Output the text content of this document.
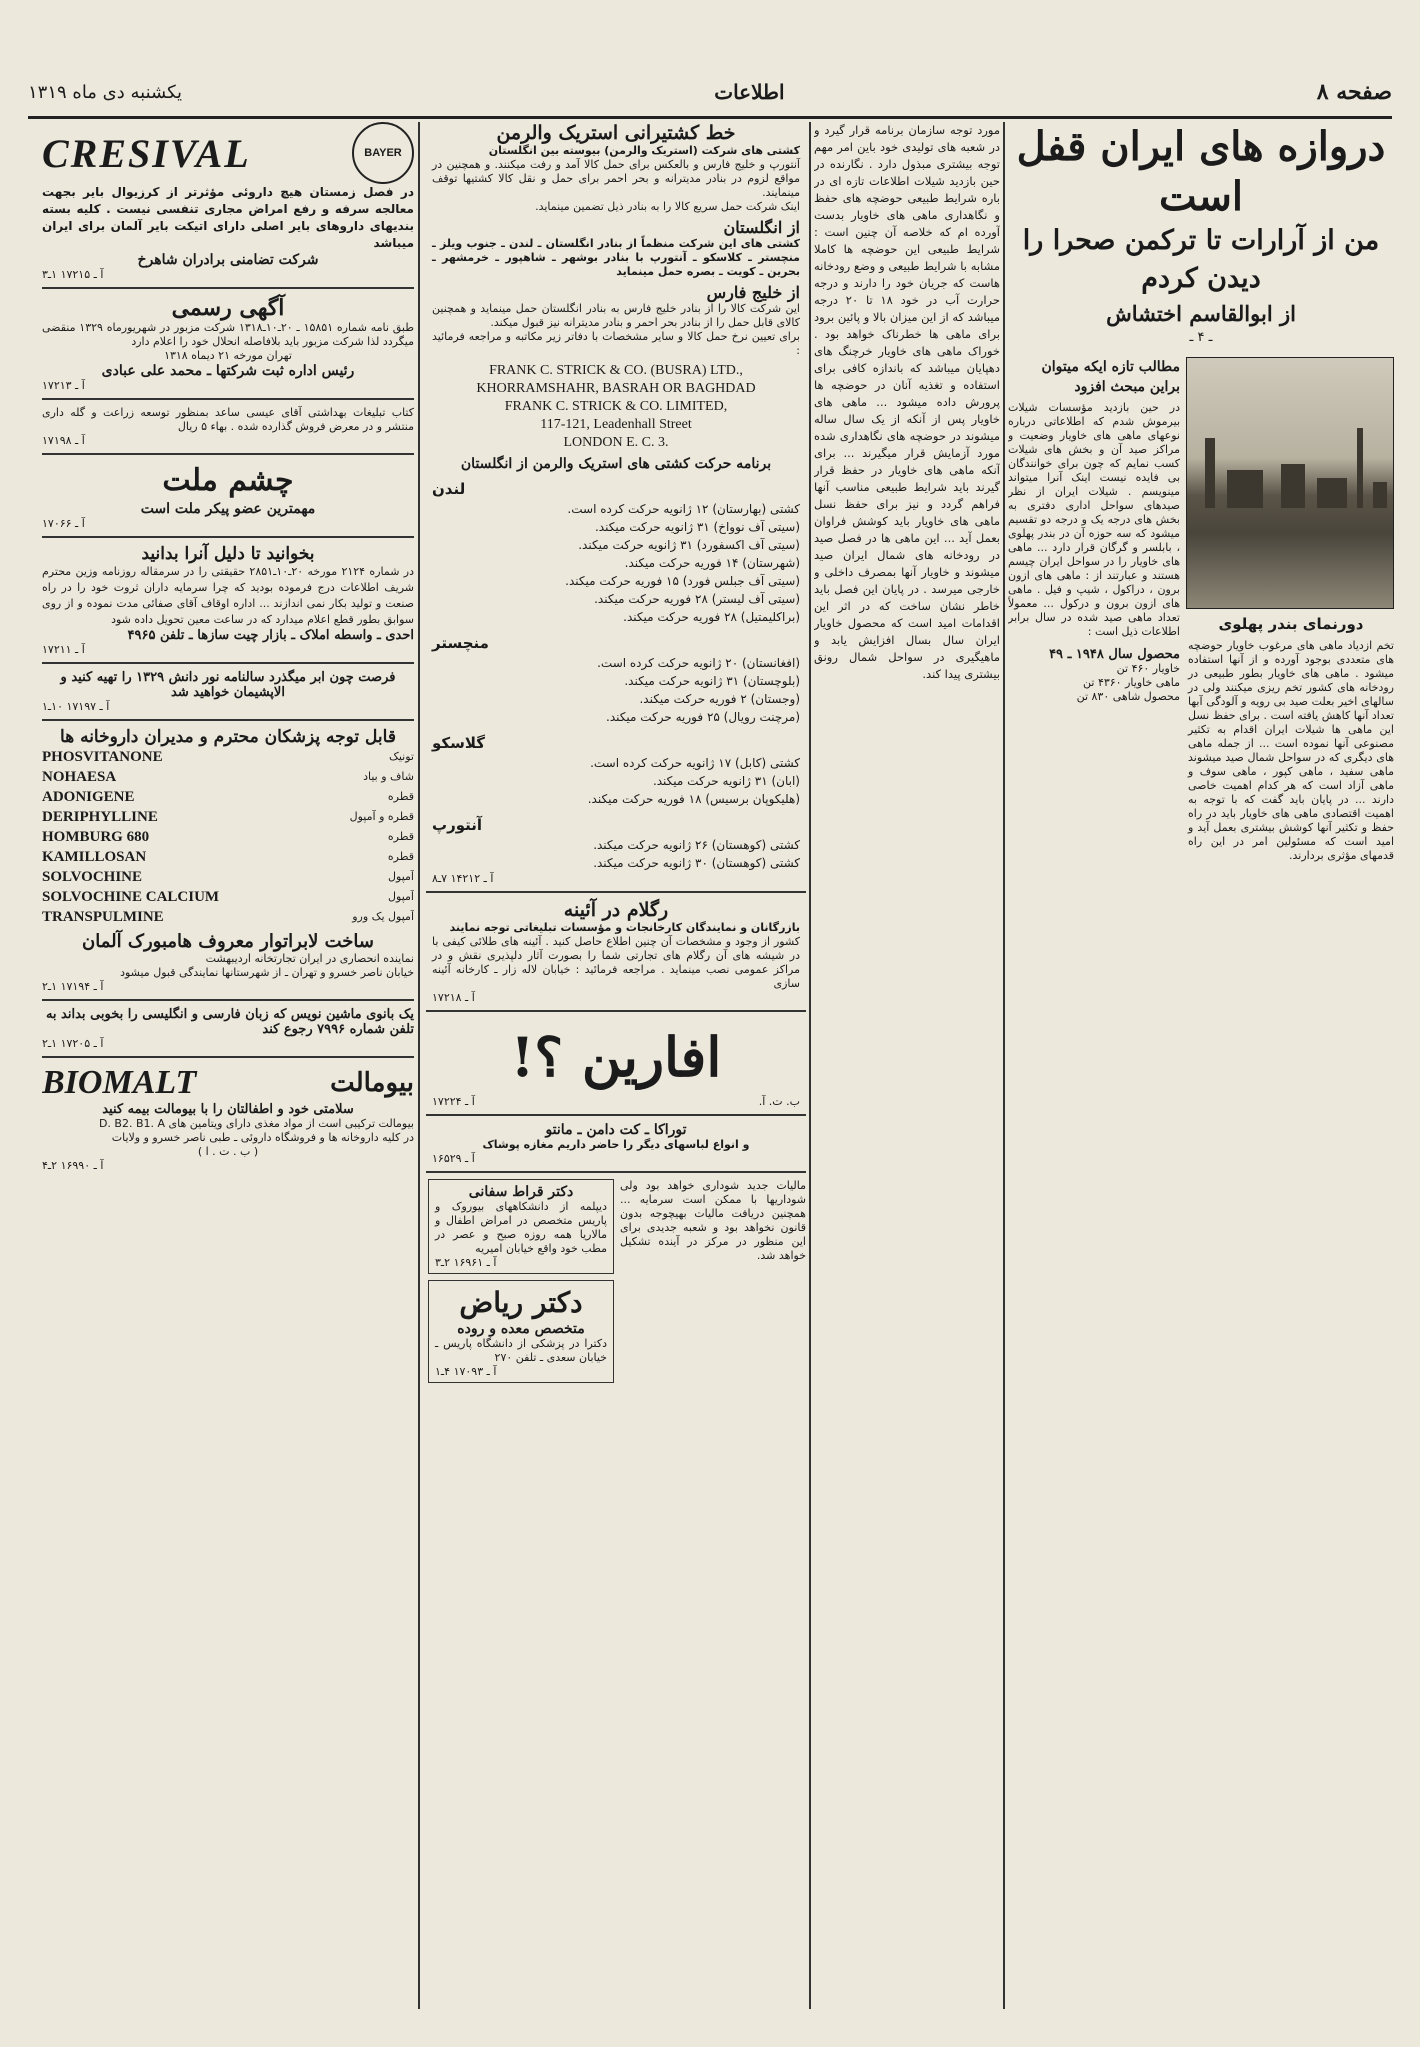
صفحه ۸
اطلاعات
یکشنبه دی ماه ۱۳۱۹
دروازه های ایران قفل است
من از آرارات تا ترکمن صحرا را دیدن کردم
از ابوالقاسم اختشاش
ـ ۴ ـ
دورنمای بندر پهلوی
تخم ازدیاد ماهی های مرغوب خاویار حوضچه های متعددی بوجود آورده و از آنها استفاده میشود . ماهی های خاویار بطور طبیعی در رودخانه های کشور تخم ریزی میکنند ولی در سالهای اخیر بعلت صید بی رویه و آلودگی آبها تعداد آنها کاهش یافته است . برای حفظ نسل این ماهی ها شیلات ایران اقدام به تکثیر مصنوعی آنها نموده است ... از جمله ماهی های دیگری که در سواحل شمال صید میشوند ماهی سفید ، ماهی کپور ، ماهی سوف و ماهی آزاد است که هر کدام اهمیت خاصی دارند ... در پایان باید گفت که با توجه به اهمیت اقتصادی ماهی های خاویار باید در راه حفظ و تکثیر آنها کوشش بیشتری بعمل آید و امید است که مسئولین امر در این راه قدمهای مؤثری بردارند.
مطالب تازه ایکه میتوان براین مبحث افزود
در حین بازدید مؤسسات شیلات بیرموش شدم که اطلاعاتی درباره نوعهای ماهی های خاویار وضعیت و مراکز صید آن و بخش های شیلات کسب نمایم که چون برای خوانندگان بی فایده نیست اینک آنرا میتواند مینویسم . شیلات ایران از نظر صیدهای سواحل اداری دفتری به بخش های درجه یک و درجه دو تقسیم میشود که سه حوزه آن در بندر پهلوی ، بابلسر و گرگان قرار دارد ... ماهی های خاویار را در سواحل ایران چیسم هستند و عبارتند از : ماهی های ازون برون ، دراکول ، شیپ و فیل . ماهی های ازون برون و درکول ... معمولاً تعداد ماهی صید شده در سال برابر اطلاعات ذیل است :
محصول سال ۱۹۴۸ ـ ۴۹
خاویار ۴۶۰ تن
ماهی خاویار ۴۳۶۰ تن
محصول شاهی ۸۳۰ تن
مورد توجه سازمان برنامه قرار گیرد و در شعبه های تولیدی خود باین امر مهم توجه بیشتری مبذول دارد . نگارنده در حین بازدید شیلات اطلاعات تازه ای در باره شرایط طبیعی حوضچه های حفظ و نگاهداری ماهی های خاویار بدست آورده ام که خلاصه آن چنین است : شرایط طبیعی این حوضچه ها کاملا مشابه با شرایط طبیعی و وضع رودخانه هاست که جریان خود را دارند و درجه حرارت آب در خود ۱۸ تا ۲۰ درجه میباشد که از این میزان بالا و پائین برود برای ماهی ها خطرناک خواهد بود . خوراک ماهی های خاویار خرچنگ های دهپایان میباشد که باندازه کافی برای استفاده و تغذیه آنان در حوضچه ها پرورش داده میشود ... ماهی های خاویار پس از آنکه از یک سال ساله میشوند در حوضچه های نگاهداری شده مورد آزمایش قرار میگیرند ... برای آنکه ماهی های خاویار در حفظ قرار گیرند باید شرایط طبیعی مناسب آنها فراهم گردد و نیز برای حفظ نسل ماهی های خاویار باید کوشش فراوان بعمل آید ... این ماهی ها در فصل صید در رودخانه های شمال ایران صید میشوند و خاویار آنها بمصرف داخلی و خارجی میرسد . در پایان این فصل باید خاطر نشان ساخت که در اثر این اقدامات امید است که محصول خاویار ایران سال بسال افزایش یابد و ماهیگیری در سواحل شمال رونق بیشتری پیدا کند.
خط کشتیرانی استریک والرمن
کشتی های شرکت (استریک والرمن) بیوسته بین انگلستان
آنتورپ و خلیج فارس و بالعکس برای حمل کالا آمد و رفت میکنند. و همچنین در مواقع لزوم در بنادر مدیترانه و بحر احمر برای حمل و نقل کالا کشتیها توقف مینمایند.
اینک شرکت حمل سریع کالا را به بنادر ذیل تضمین مینماید.
از انگلستان
کشتی های این شرکت منظماً از بنادر انگلستان ـ لندن ـ جنوب ویلز ـ منچستر ـ کلاسکو ـ آنتورپ با بنادر بوشهر ـ شاهپور ـ خرمشهر ـ بحرین ـ کویت ـ بصره حمل مینماید
از خلیج فارس
این شرکت کالا را از بنادر خلیج فارس به بنادر انگلستان حمل مینماید و همچنین کالای قابل حمل را از بنادر بحر احمر و بنادر مدیترانه نیز قبول میکند.
برای تعیین نرخ حمل کالا و سایر مشخصات با دفاتر زیر مکاتبه و مراجعه فرمائید :
FRANK C. STRICK & CO. (BUSRA) LTD.,
KHORRAMSHAHR, BASRAH OR BAGHDAD
FRANK C. STRICK & CO. LIMITED,
117-121, Leadenhall Street
LONDON E. C. 3.
برنامه حرکت کشتی های استریک والرمن از انگلستان
لندن
کشتی (بهارستان) ۱۲ ژانویه حرکت کرده است.
(سیتی آف نوواخ) ۳۱ ژانویه حرکت میکند.
(سیتی آف اکسفورد) ۳۱ ژانویه حرکت میکند.
(شهرستان) ۱۴ فوریه حرکت میکند.
(سیتی آف جبلس فورد) ۱۵ فوریه حرکت میکند.
(سیتی آف لیستر) ۲۸ فوریه حرکت میکند.
(براکلیمتیل) ۲۸ فوریه حرکت میکند.
منچستر
(افغانستان) ۲۰ ژانویه حرکت کرده است.
(بلوچستان) ۳۱ ژانویه حرکت میکند.
(وجستان) ۲ فوریه حرکت میکند.
(مرچنت رویال) ۲۵ فوریه حرکت میکند.
گلاسکو
کشتی (کابل) ۱۷ ژانویه حرکت کرده است.
(ابان) ۳۱ ژانویه حرکت میکند.
(هلیکوپان برسیس) ۱۸ فوریه حرکت میکند.
آنتورپ
کشتی (کوهستان) ۲۶ ژانویه حرکت میکند.
کشتی (کوهستان) ۳۰ ژانویه حرکت میکند.
آ ـ ۱۴۲۱۲ ۷ـ۸
رگلام در آئینه
بازرگانان و نمایندگان کارخانجات و مؤسسات تبلیغاتی توجه نمایند
کشور از وجود و مشخصات آن چنین اطلاع حاصل کنید . آئینه های طلائی کیفی با در شیشه های آن رگلام های تجارتی شما را بصورت آثار دلپذیری نقش و در مراکز عمومی نصب مینماید . مراجعه فرمائید : خیابان لاله زار ـ کارخانه آئینه سازی
آ ـ ۱۷۲۱۸
افارین ؟!
ب. ت. آ.
آ ـ ۱۷۲۲۴
توراکا ـ کت دامن ـ مانتو
و انواع لباسهای دیگر را حاضر داریم مغازه پوشاک
آ ـ ۱۶۵۲۹
مالیات جدید شوداری خواهد بود ولی شوداریها با ممکن است سرمایه ... همچنین دریافت مالیات بهیچوجه بدون قانون نخواهد بود و شعبه جدیدی برای این منظور در مرکز در آینده تشکیل خواهد شد.
دکتر قراط سفانی
دیپلمه از دانشکاههای بیوروک و پاریس متخصص در امراض اطفال و مالاریا همه روزه صبح و عصر در مطب خود واقع خیابان امیریه
آ ـ ۱۶۹۶۱ ۲ـ۳
دکتر ریاض
متخصص معده و روده
دکترا در پزشکی از دانشگاه پاریس ـ خیابان سعدی ـ تلفن ۲۷۰
آ ـ ۱۷۰۹۳ ۴ـ۱
CRESIVAL	BAYER
در فصل زمستان هیچ داروئی مؤثرتر از کرزیوال بایر بجهت معالجه سرفه و رفع امراض مجاری تنفسی نیست . کلیه بسته بندیهای داروهای بایر اصلی دارای اتیکت بایر آلمان برای ایران میباشد
شرکت تضامنی برادران شاهرخ
آ ـ ۱۷۲۱۵ ۱ـ۳
آگهی رسمی
طبق نامه شماره ۱۵۸۵۱ ـ ۲۰ـ۱۰ـ۱۳۱۸ شرکت مزبور در شهریورماه ۱۳۲۹ منقضی میگردد لذا شرکت مزبور باید بلافاصله انحلال خود را اعلام دارد
تهران مورخه ۲۱ دیماه ۱۳۱۸
رئیس اداره ثبت شرکتها ـ محمد علی عبادی
آ ـ ۱۷۲۱۳
کتاب تبلیغات بهداشتی آقای عیسی ساعد بمنظور توسعه زراعت و گله داری منتشر و در معرض فروش گذارده شده . بهاء ۵ ریال
آ ـ ۱۷۱۹۸
چشم ملت
مهمترین عضو پیکر ملت است
آ ـ ۱۷۰۶۶
بخوانید تا دلیل آنرا بدانید
در شماره ۲۱۲۴ مورخه ۲۰ـ۱۰ـ۲۸۵۱ حقیقتی را در سرمقاله روزنامه وزین محترم شریف اطلاعات درج فرموده بودید که چرا سرمایه داران ثروت خود را در راه صنعت و تولید بکار نمی اندازند ... اداره اوقاف آقای صفائی مدت نموده و از روی سوابق بطور قطع اعلام میدارد که در ساعت معین تحویل داده شود
احدی ـ واسطه املاک ـ بازار چیت سازها ـ تلفن ۴۹۶۵
آ ـ ۱۷۲۱۱
فرصت چون ابر میگذرد سالنامه نور دانش ۱۳۲۹ را تهیه کنید و الاپشیمان خواهید شد
آ ـ ۱۷۱۹۷ ۱۰ـ۱
قابل توجه پزشکان محترم و مدیران داروخانه ها
PHOSVITANONE	تونیک
NOHAESA	شاف و بیاد
ADONIGENE	قطره
DERIPHYLLINE	قطره و آمپول
HOMBURG 680	قطره
KAMILLOSAN	قطره
SOLVOCHINE	آمپول
SOLVOCHINE CALCIUM	آمپول
TRANSPULMINE	آمپول یک ورو
ساخت لابراتوار معروف هامبورک آلمان
نماینده انحصاری در ایران تجارتخانه اردیبهشت
خیابان ناصر خسرو و تهران ـ از شهرستانها نمایندگی قبول میشود
آ ـ ۱۷۱۹۴ ۱ـ۲
یک بانوی ماشین نویس که زبان فارسی و انگلیسی را بخوبی بداند به تلفن شماره ۷۹۹۶ رجوع کند
آ ـ ۱۷۲۰۵ ۱ـ۲
BIOMALT	بیومالت
سلامتی خود و اطفالتان را با بیومالت بیمه کنید
بیومالت ترکیبی است از مواد مغذی دارای ویتامین های D. B2. B1. A
در کلیه داروخانه ها و فروشگاه داروئی ـ طبی ناصر خسرو و ولایات
( ب . ت . ا )
آ ـ ۱۶۹۹۰ ۲ـ۴
